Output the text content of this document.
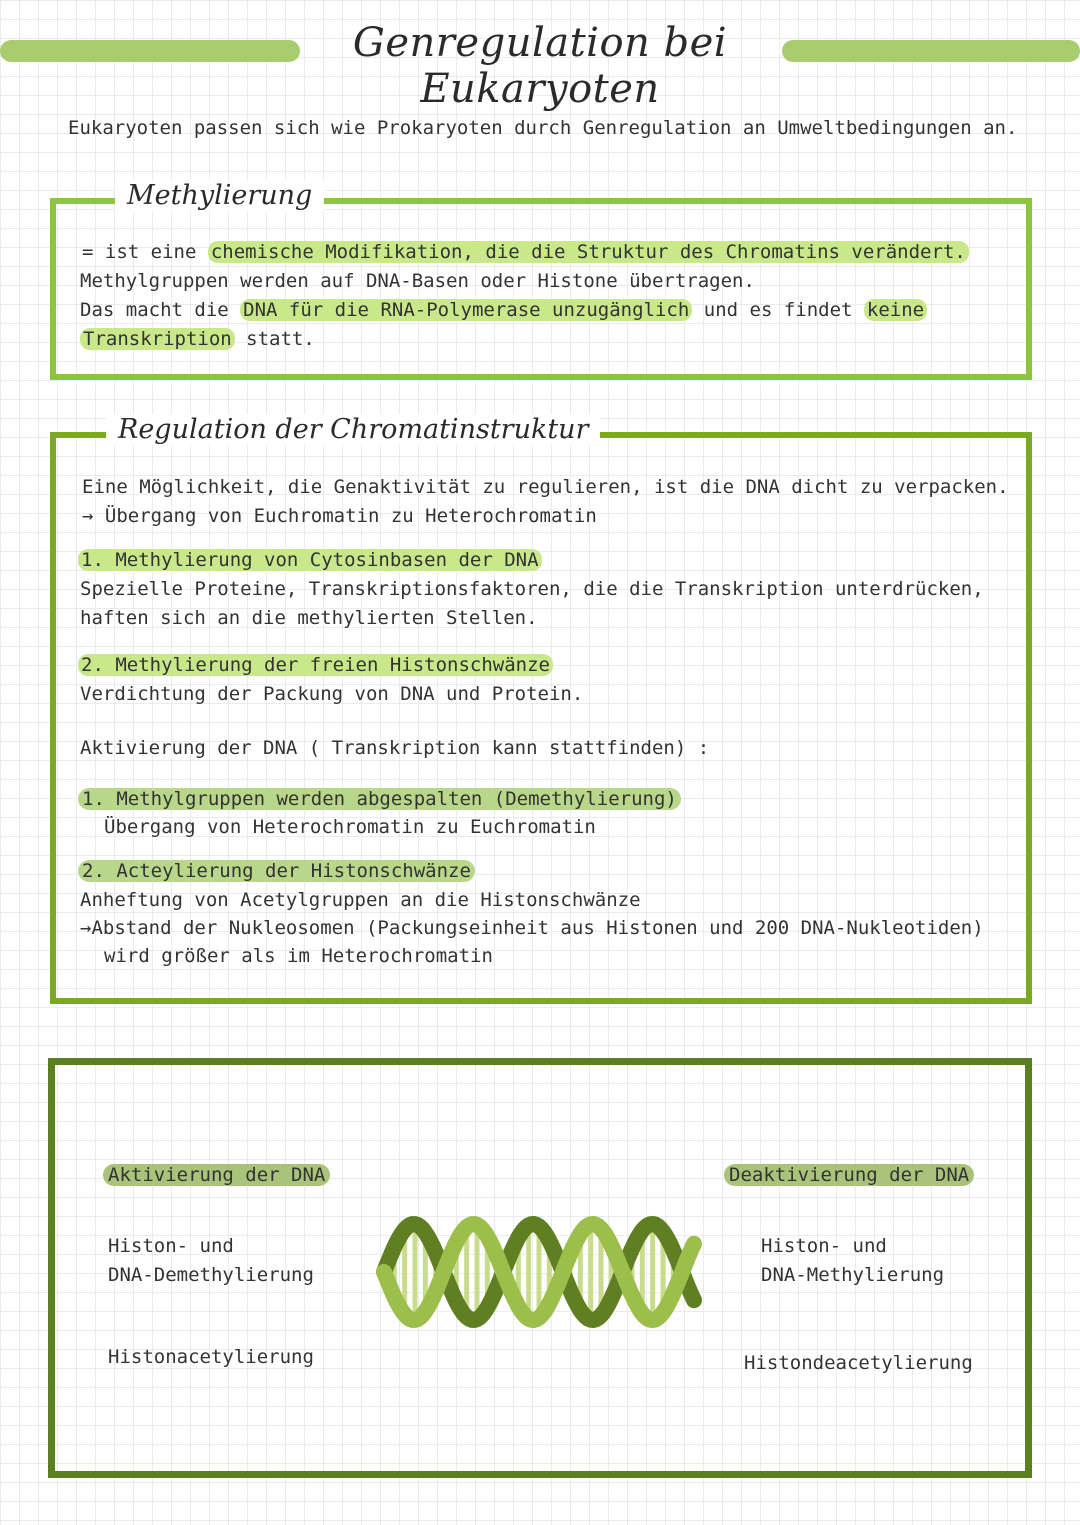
Genregulation bei Eukaryoten
Eukaryoten passen sich wie Prokaryoten durch Genregulation an Umweltbedingungen an.
Methylierung
= ist eine chemische Modifikation, die die Struktur des Chromatins verändert.
Methylgruppen werden auf DNA-Basen oder Histone übertragen.
Das macht die DNA für die RNA-Polymerase unzugänglich und es findet keine
Transkription statt.
Regulation der Chromatinstruktur
Eine Möglichkeit, die Genaktivität zu regulieren, ist die DNA dicht zu verpacken.
→ Übergang von Euchromatin zu Heterochromatin
1. Methylierung von Cytosinbasen der DNA
Spezielle Proteine, Transkriptionsfaktoren, die die Transkription unterdrücken,
haften sich an die methylierten Stellen.
2. Methylierung der freien Histonschwänze
Verdichtung der Packung von DNA und Protein.
Aktivierung der DNA ( Transkription kann stattfinden) :
1. Methylgruppen werden abgespalten (Demethylierung)
Übergang von Heterochromatin zu Euchromatin
2. Acteylierung der Histonschwänze
Anheftung von Acetylgruppen an die Histonschwänze
→Abstand der Nukleosomen (Packungseinheit aus Histonen und 200 DNA-Nukleotiden)
wird größer als im Heterochromatin
Aktivierung der DNA
Histon- und
DNA-Demethylierung
Histonacetylierung
Deaktivierung der DNA
Histon- und
DNA-Methylierung
Histondeacetylierung
